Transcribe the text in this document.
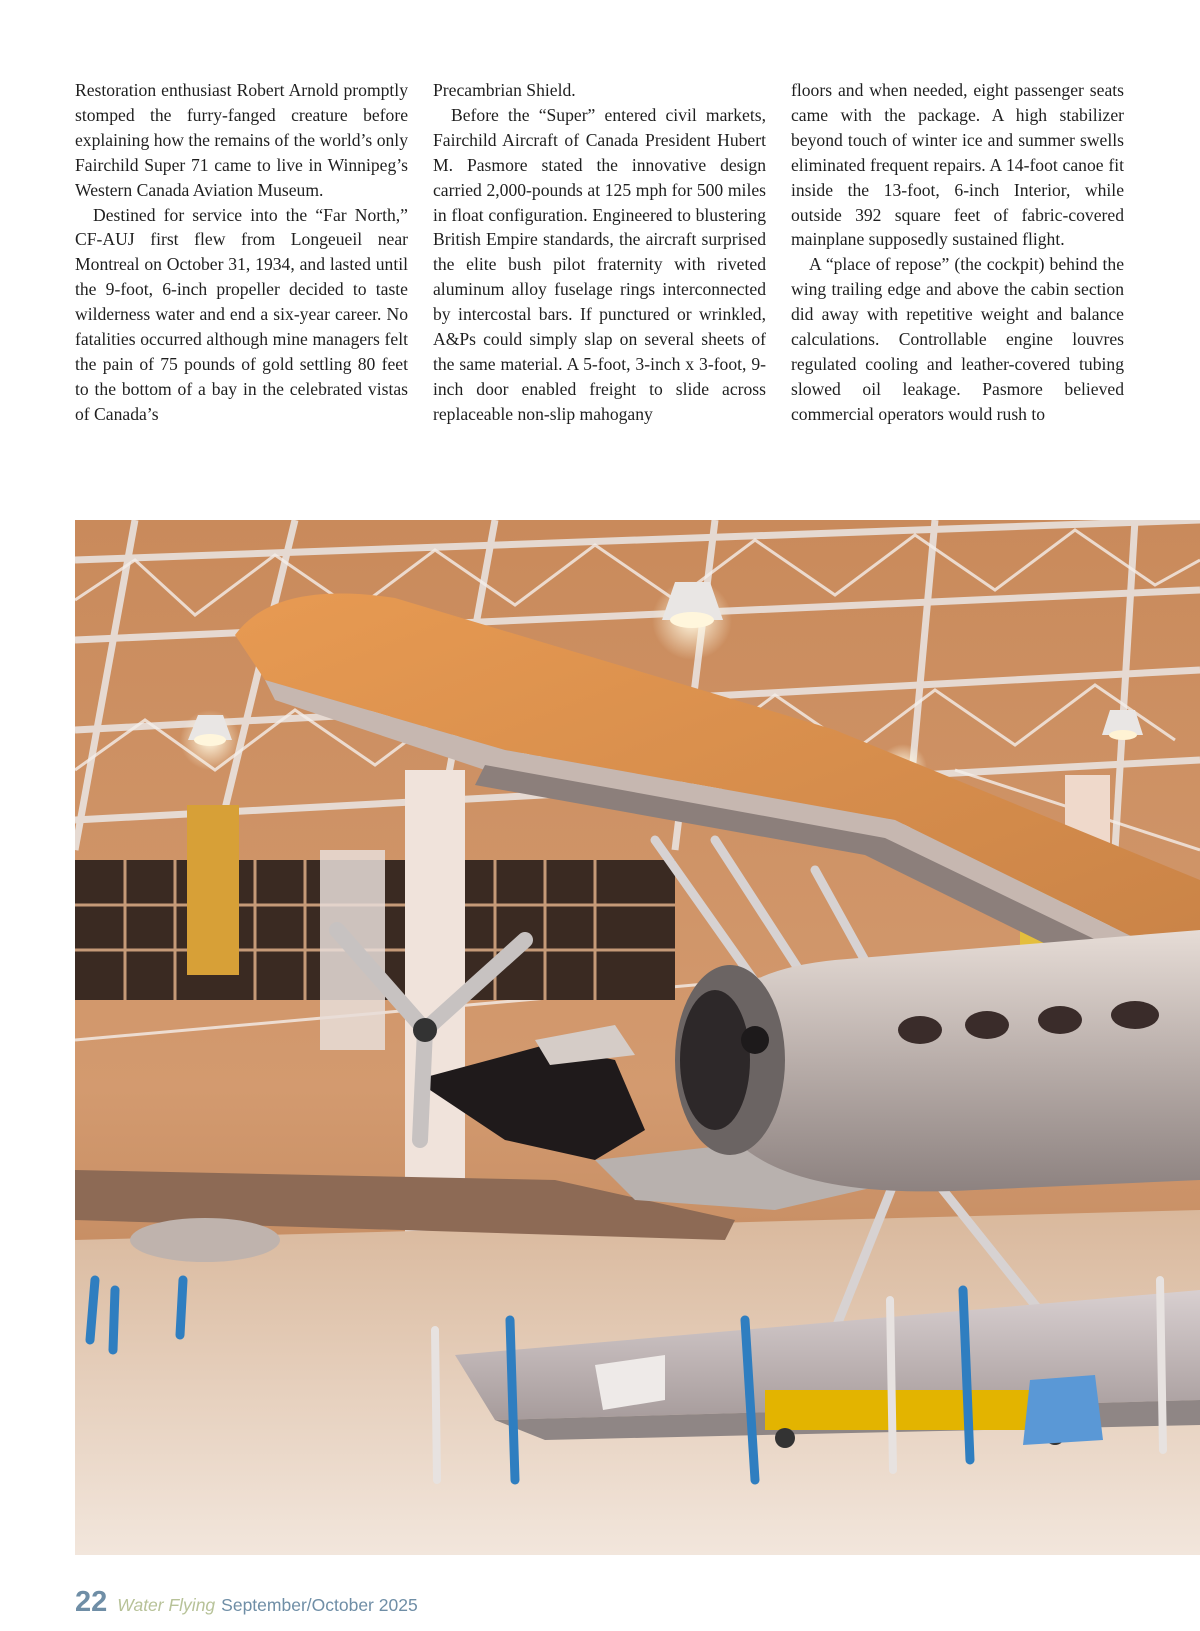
Restoration enthusiast Robert Arnold promptly stomped the furry-fanged creature before explaining how the remains of the world’s only Fairchild Super 71 came to live in Winnipeg’s Western Canada Aviation Museum.

Destined for service into the “Far North,” CF-AUJ first flew from Longeueil near Montreal on October 31, 1934, and lasted until the 9-foot, 6-inch propeller decided to taste wilderness water and end a six-year career. No fatalities occurred although mine managers felt the pain of 75 pounds of gold settling 80 feet to the bottom of a bay in the celebrated vistas of Canada’s

Precambrian Shield.

Before the “Super” entered civil markets, Fairchild Aircraft of Canada President Hubert M. Pasmore stated the innovative design carried 2,000-pounds at 125 mph for 500 miles in float configuration. Engineered to blustering British Empire standards, the aircraft surprised the elite bush pilot fraternity with riveted aluminum alloy fuselage rings interconnected by intercostal bars. If punctured or wrinkled, A&Ps could simply slap on several sheets of the same material. A 5-foot, 3-inch x 3-foot, 9-inch door enabled freight to slide across replaceable non-slip mahogany

floors and when needed, eight passenger seats came with the package. A high stabilizer beyond touch of winter ice and summer swells eliminated frequent repairs. A 14-foot canoe fit inside the 13-foot, 6-inch Interior, while outside 392 square feet of fabric-covered mainplane supposedly sustained flight.

A “place of repose” (the cockpit) behind the wing trailing edge and above the cabin section did away with repetitive weight and balance calculations. Controllable engine louvres regulated cooling and leather-covered tubing slowed oil leakage. Pasmore believed commercial operators would rush to

22 Water Flying September/October 2025
